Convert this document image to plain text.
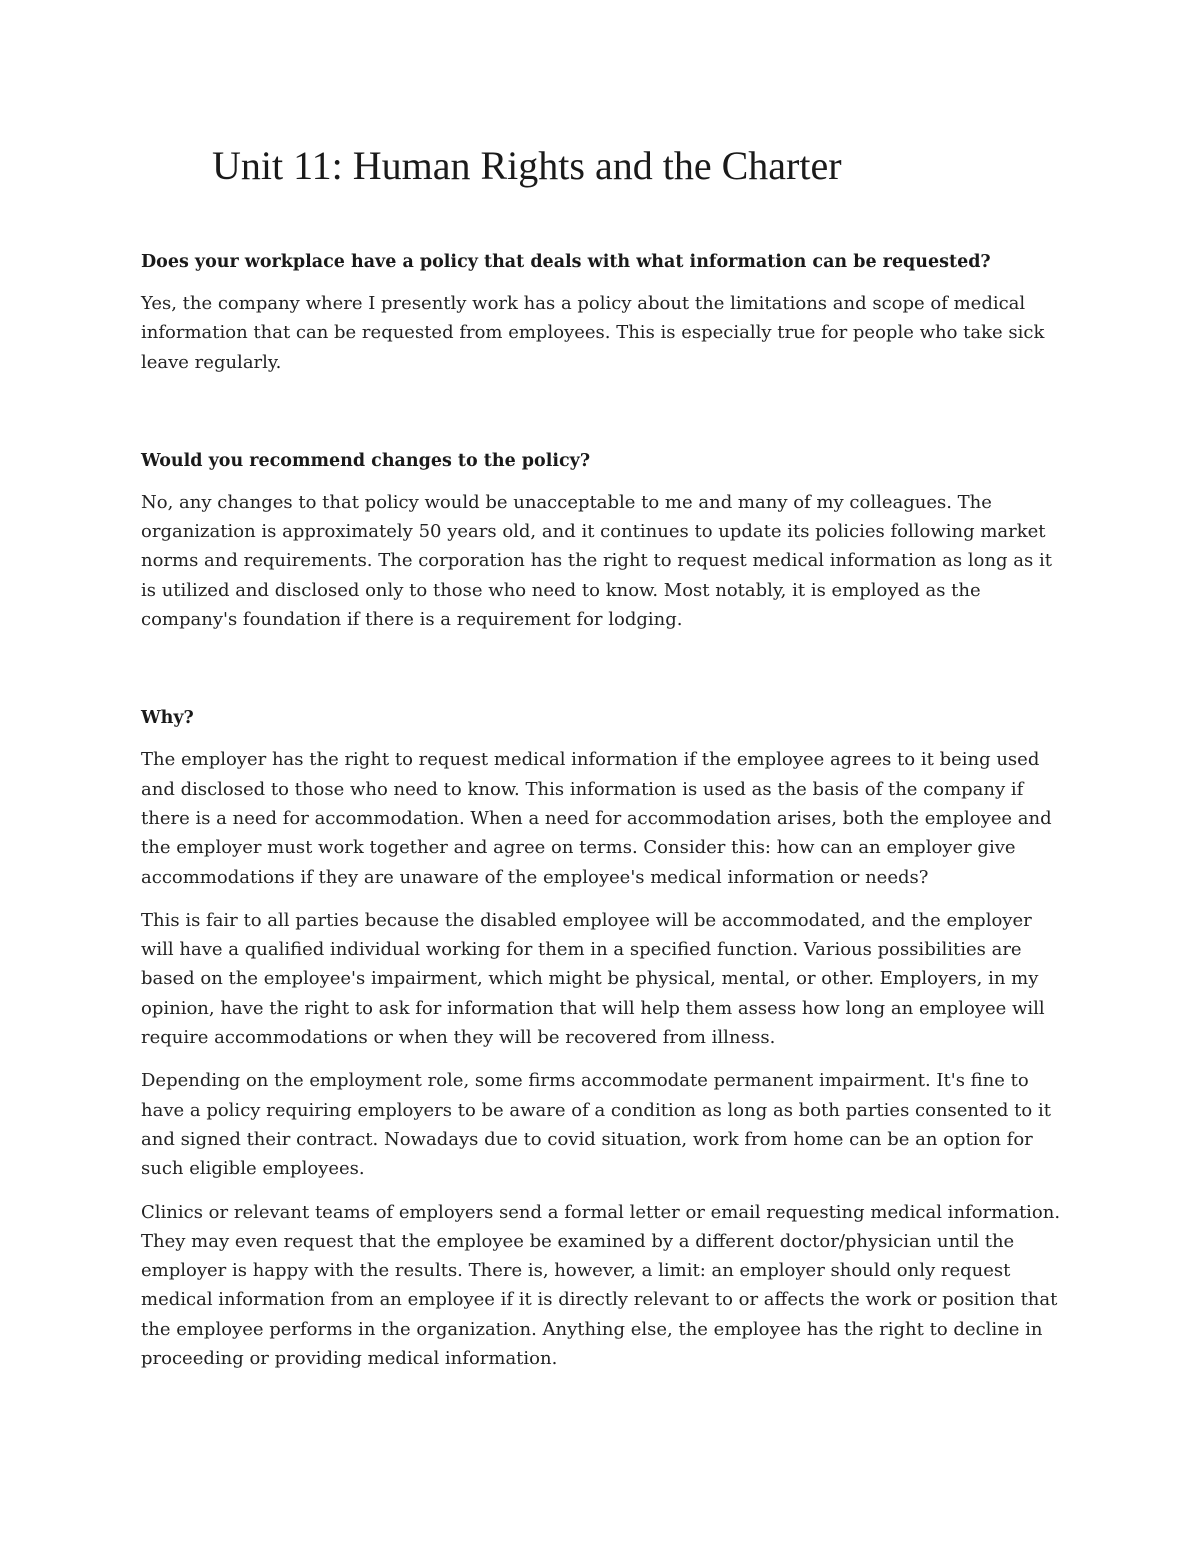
Unit 11: Human Rights and the Charter

Does your workplace have a policy that deals with what information can be requested?

Yes, the company where I presently work has a policy about the limitations and scope of medical information that can be requested from employees. This is especially true for people who take sick leave regularly.

Would you recommend changes to the policy?

No, any changes to that policy would be unacceptable to me and many of my colleagues. The organization is approximately 50 years old, and it continues to update its policies following market norms and requirements. The corporation has the right to request medical information as long as it is utilized and disclosed only to those who need to know. Most notably, it is employed as the company's foundation if there is a requirement for lodging.

Why?

The employer has the right to request medical information if the employee agrees to it being used and disclosed to those who need to know. This information is used as the basis of the company if there is a need for accommodation. When a need for accommodation arises, both the employee and the employer must work together and agree on terms. Consider this: how can an employer give accommodations if they are unaware of the employee's medical information or needs?

This is fair to all parties because the disabled employee will be accommodated, and the employer will have a qualified individual working for them in a specified function. Various possibilities are based on the employee's impairment, which might be physical, mental, or other. Employers, in my opinion, have the right to ask for information that will help them assess how long an employee will require accommodations or when they will be recovered from illness.

Depending on the employment role, some firms accommodate permanent impairment. It's fine to have a policy requiring employers to be aware of a condition as long as both parties consented to it and signed their contract. Nowadays due to covid situation, work from home can be an option for such eligible employees.

Clinics or relevant teams of employers send a formal letter or email requesting medical information. They may even request that the employee be examined by a different doctor/physician until the employer is happy with the results. There is, however, a limit: an employer should only request medical information from an employee if it is directly relevant to or affects the work or position that the employee performs in the organization. Anything else, the employee has the right to decline in proceeding or providing medical information.
